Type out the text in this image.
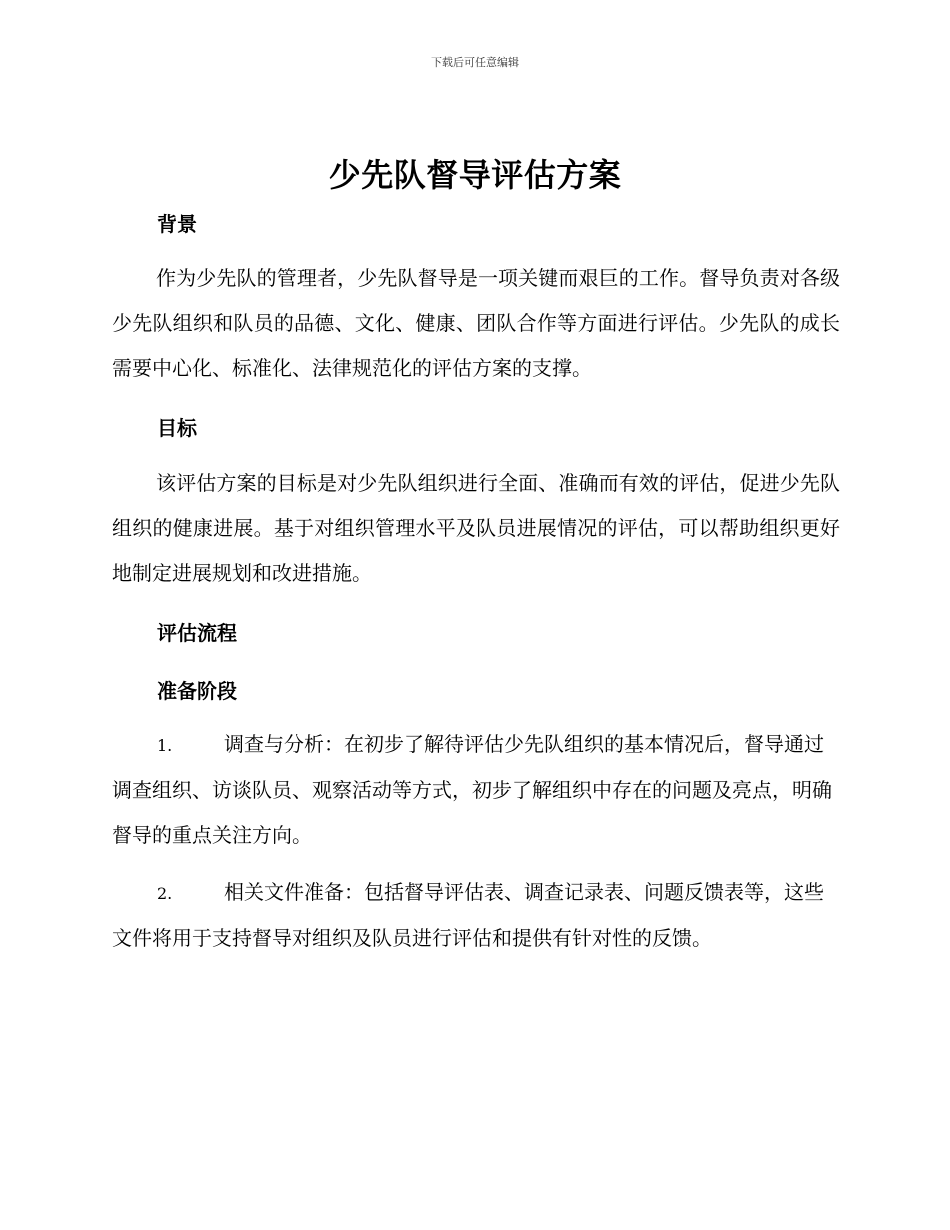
下载后可任意编辑
少先队督导评估方案
背景

作为少先队的管理者，少先队督导是一项关键而艰巨的工作。督导负责对各级少先队组织和队员的品德、文化、健康、团队合作等方面进行评估。少先队的成长需要中心化、标准化、法律规范化的评估方案的支撑。

目标

该评估方案的目标是对少先队组织进行全面、准确而有效的评估，促进少先队组织的健康进展。基于对组织管理水平及队员进展情况的评估，可以帮助组织更好地制定进展规划和改进措施。

评估流程
准备阶段

1.	调查与分析：在初步了解待评估少先队组织的基本情况后，督导通过调查组织、访谈队员、观察活动等方式，初步了解组织中存在的问题及亮点，明确督导的重点关注方向。

2.	相关文件准备：包括督导评估表、调查记录表、问题反馈表等，这些文件将用于支持督导对组织及队员进行评估和提供有针对性的反馈。
